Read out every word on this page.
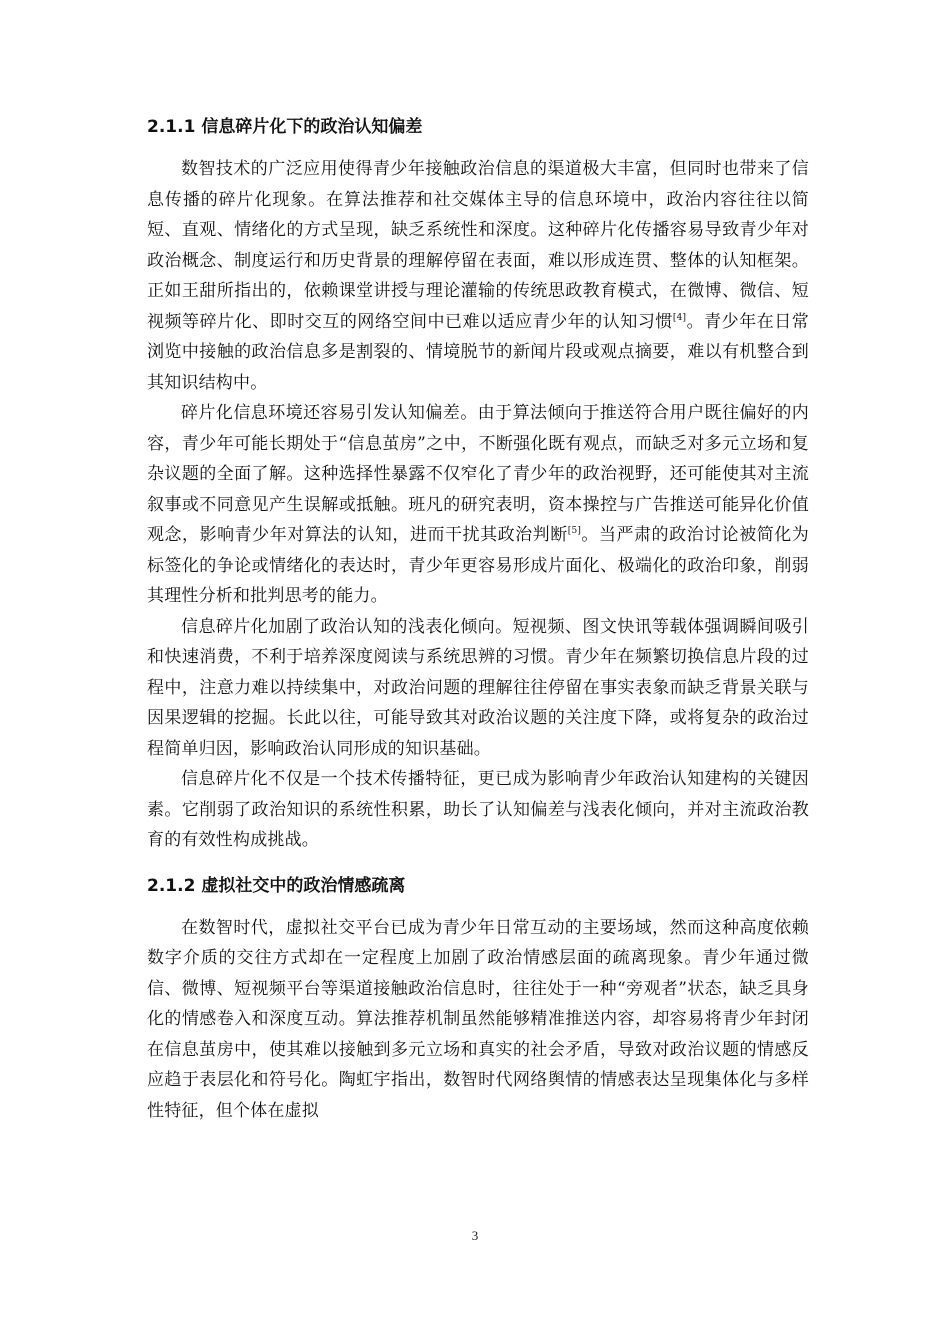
2.1.1 信息碎片化下的政治认知偏差

数智技术的广泛应用使得青少年接触政治信息的渠道极大丰富，但同时也带来了信息传播的碎片化现象。在算法推荐和社交媒体主导的信息环境中，政治内容往往以简短、直观、情绪化的方式呈现，缺乏系统性和深度。这种碎片化传播容易导致青少年对政治概念、制度运行和历史背景的理解停留在表面，难以形成连贯、整体的认知框架。正如王甜所指出的，依赖课堂讲授与理论灌输的传统思政教育模式，在微博、微信、短视频等碎片化、即时交互的网络空间中已难以适应青少年的认知习惯[4]。青少年在日常浏览中接触的政治信息多是割裂的、情境脱节的新闻片段或观点摘要，难以有机整合到其知识结构中。

碎片化信息环境还容易引发认知偏差。由于算法倾向于推送符合用户既往偏好的内容，青少年可能长期处于“信息茧房”之中，不断强化既有观点，而缺乏对多元立场和复杂议题的全面了解。这种选择性暴露不仅窄化了青少年的政治视野，还可能使其对主流叙事或不同意见产生误解或抵触。班凡的研究表明，资本操控与广告推送可能异化价值观念，影响青少年对算法的认知，进而干扰其政治判断[5]。当严肃的政治讨论被简化为标签化的争论或情绪化的表达时，青少年更容易形成片面化、极端化的政治印象，削弱其理性分析和批判思考的能力。

信息碎片化加剧了政治认知的浅表化倾向。短视频、图文快讯等载体强调瞬间吸引和快速消费，不利于培养深度阅读与系统思辨的习惯。青少年在频繁切换信息片段的过程中，注意力难以持续集中，对政治问题的理解往往停留在事实表象而缺乏背景关联与因果逻辑的挖掘。长此以往，可能导致其对政治议题的关注度下降，或将复杂的政治过程简单归因，影响政治认同形成的知识基础。

信息碎片化不仅是一个技术传播特征，更已成为影响青少年政治认知建构的关键因素。它削弱了政治知识的系统性积累，助长了认知偏差与浅表化倾向，并对主流政治教育的有效性构成挑战。

2.1.2 虚拟社交中的政治情感疏离

在数智时代，虚拟社交平台已成为青少年日常互动的主要场域，然而这种高度依赖数字介质的交往方式却在一定程度上加剧了政治情感层面的疏离现象。青少年通过微信、微博、短视频平台等渠道接触政治信息时，往往处于一种“旁观者”状态，缺乏具身化的情感卷入和深度互动。算法推荐机制虽然能够精准推送内容，却容易将青少年封闭在信息茧房中，使其难以接触到多元立场和真实的社会矛盾，导致对政治议题的情感反应趋于表层化和符号化。陶虹宇指出，数智时代网络舆情的情感表达呈现集体化与多样性特征，但个体在虚拟

3
